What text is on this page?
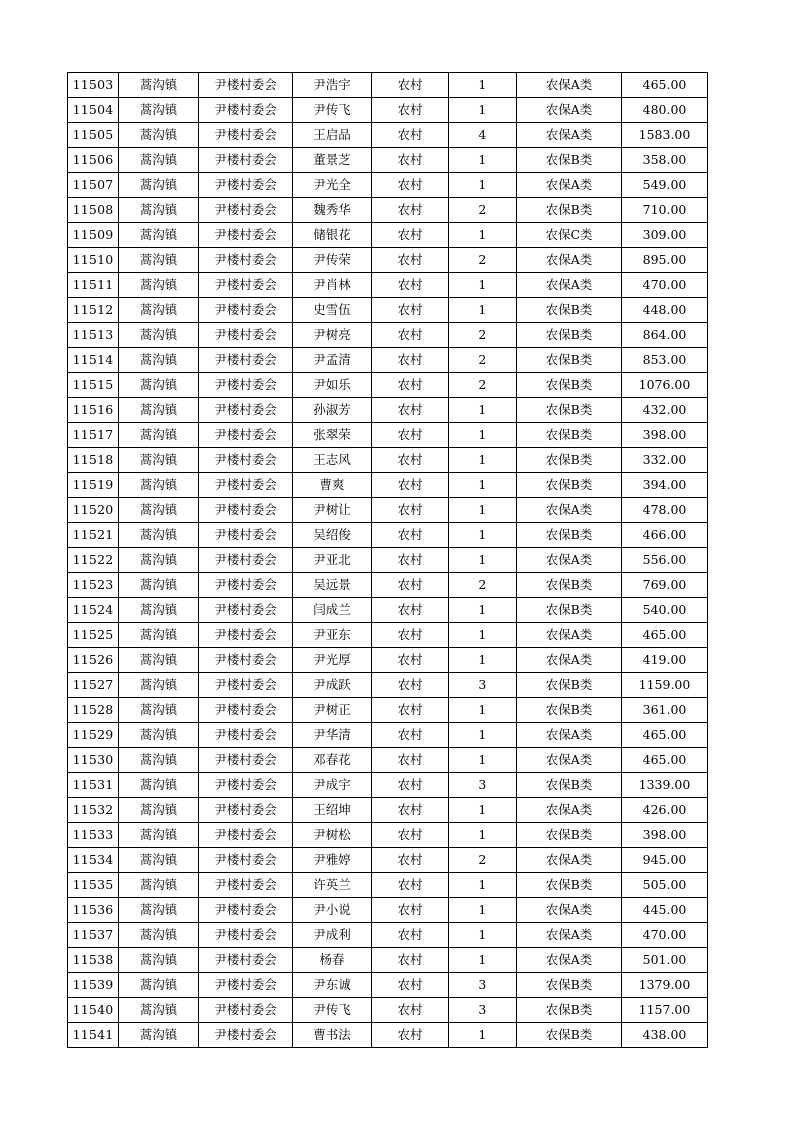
11503	蒿沟镇	尹楼村委会	尹浩宇	农村	1	农保A类	465.00
11504	蒿沟镇	尹楼村委会	尹传飞	农村	1	农保A类	480.00
11505	蒿沟镇	尹楼村委会	王启品	农村	4	农保A类	1583.00
11506	蒿沟镇	尹楼村委会	董景芝	农村	1	农保B类	358.00
11507	蒿沟镇	尹楼村委会	尹光全	农村	1	农保A类	549.00
11508	蒿沟镇	尹楼村委会	魏秀华	农村	2	农保B类	710.00
11509	蒿沟镇	尹楼村委会	储银花	农村	1	农保C类	309.00
11510	蒿沟镇	尹楼村委会	尹传荣	农村	2	农保A类	895.00
11511	蒿沟镇	尹楼村委会	尹肖林	农村	1	农保A类	470.00
11512	蒿沟镇	尹楼村委会	史雪伍	农村	1	农保B类	448.00
11513	蒿沟镇	尹楼村委会	尹树亮	农村	2	农保B类	864.00
11514	蒿沟镇	尹楼村委会	尹孟清	农村	2	农保B类	853.00
11515	蒿沟镇	尹楼村委会	尹如乐	农村	2	农保B类	1076.00
11516	蒿沟镇	尹楼村委会	孙淑芳	农村	1	农保B类	432.00
11517	蒿沟镇	尹楼村委会	张翠荣	农村	1	农保B类	398.00
11518	蒿沟镇	尹楼村委会	王志风	农村	1	农保B类	332.00
11519	蒿沟镇	尹楼村委会	曹爽	农村	1	农保B类	394.00
11520	蒿沟镇	尹楼村委会	尹树让	农村	1	农保A类	478.00
11521	蒿沟镇	尹楼村委会	吴绍俊	农村	1	农保B类	466.00
11522	蒿沟镇	尹楼村委会	尹亚北	农村	1	农保A类	556.00
11523	蒿沟镇	尹楼村委会	吴远景	农村	2	农保B类	769.00
11524	蒿沟镇	尹楼村委会	闫成兰	农村	1	农保B类	540.00
11525	蒿沟镇	尹楼村委会	尹亚东	农村	1	农保A类	465.00
11526	蒿沟镇	尹楼村委会	尹光厚	农村	1	农保A类	419.00
11527	蒿沟镇	尹楼村委会	尹成跃	农村	3	农保B类	1159.00
11528	蒿沟镇	尹楼村委会	尹树正	农村	1	农保B类	361.00
11529	蒿沟镇	尹楼村委会	尹华清	农村	1	农保A类	465.00
11530	蒿沟镇	尹楼村委会	邓春花	农村	1	农保A类	465.00
11531	蒿沟镇	尹楼村委会	尹成宇	农村	3	农保B类	1339.00
11532	蒿沟镇	尹楼村委会	王绍坤	农村	1	农保A类	426.00
11533	蒿沟镇	尹楼村委会	尹树松	农村	1	农保B类	398.00
11534	蒿沟镇	尹楼村委会	尹雅婷	农村	2	农保A类	945.00
11535	蒿沟镇	尹楼村委会	许英兰	农村	1	农保B类	505.00
11536	蒿沟镇	尹楼村委会	尹小说	农村	1	农保A类	445.00
11537	蒿沟镇	尹楼村委会	尹成利	农村	1	农保A类	470.00
11538	蒿沟镇	尹楼村委会	杨春	农村	1	农保A类	501.00
11539	蒿沟镇	尹楼村委会	尹东诚	农村	3	农保B类	1379.00
11540	蒿沟镇	尹楼村委会	尹传飞	农村	3	农保B类	1157.00
11541	蒿沟镇	尹楼村委会	曹书法	农村	1	农保B类	438.00
